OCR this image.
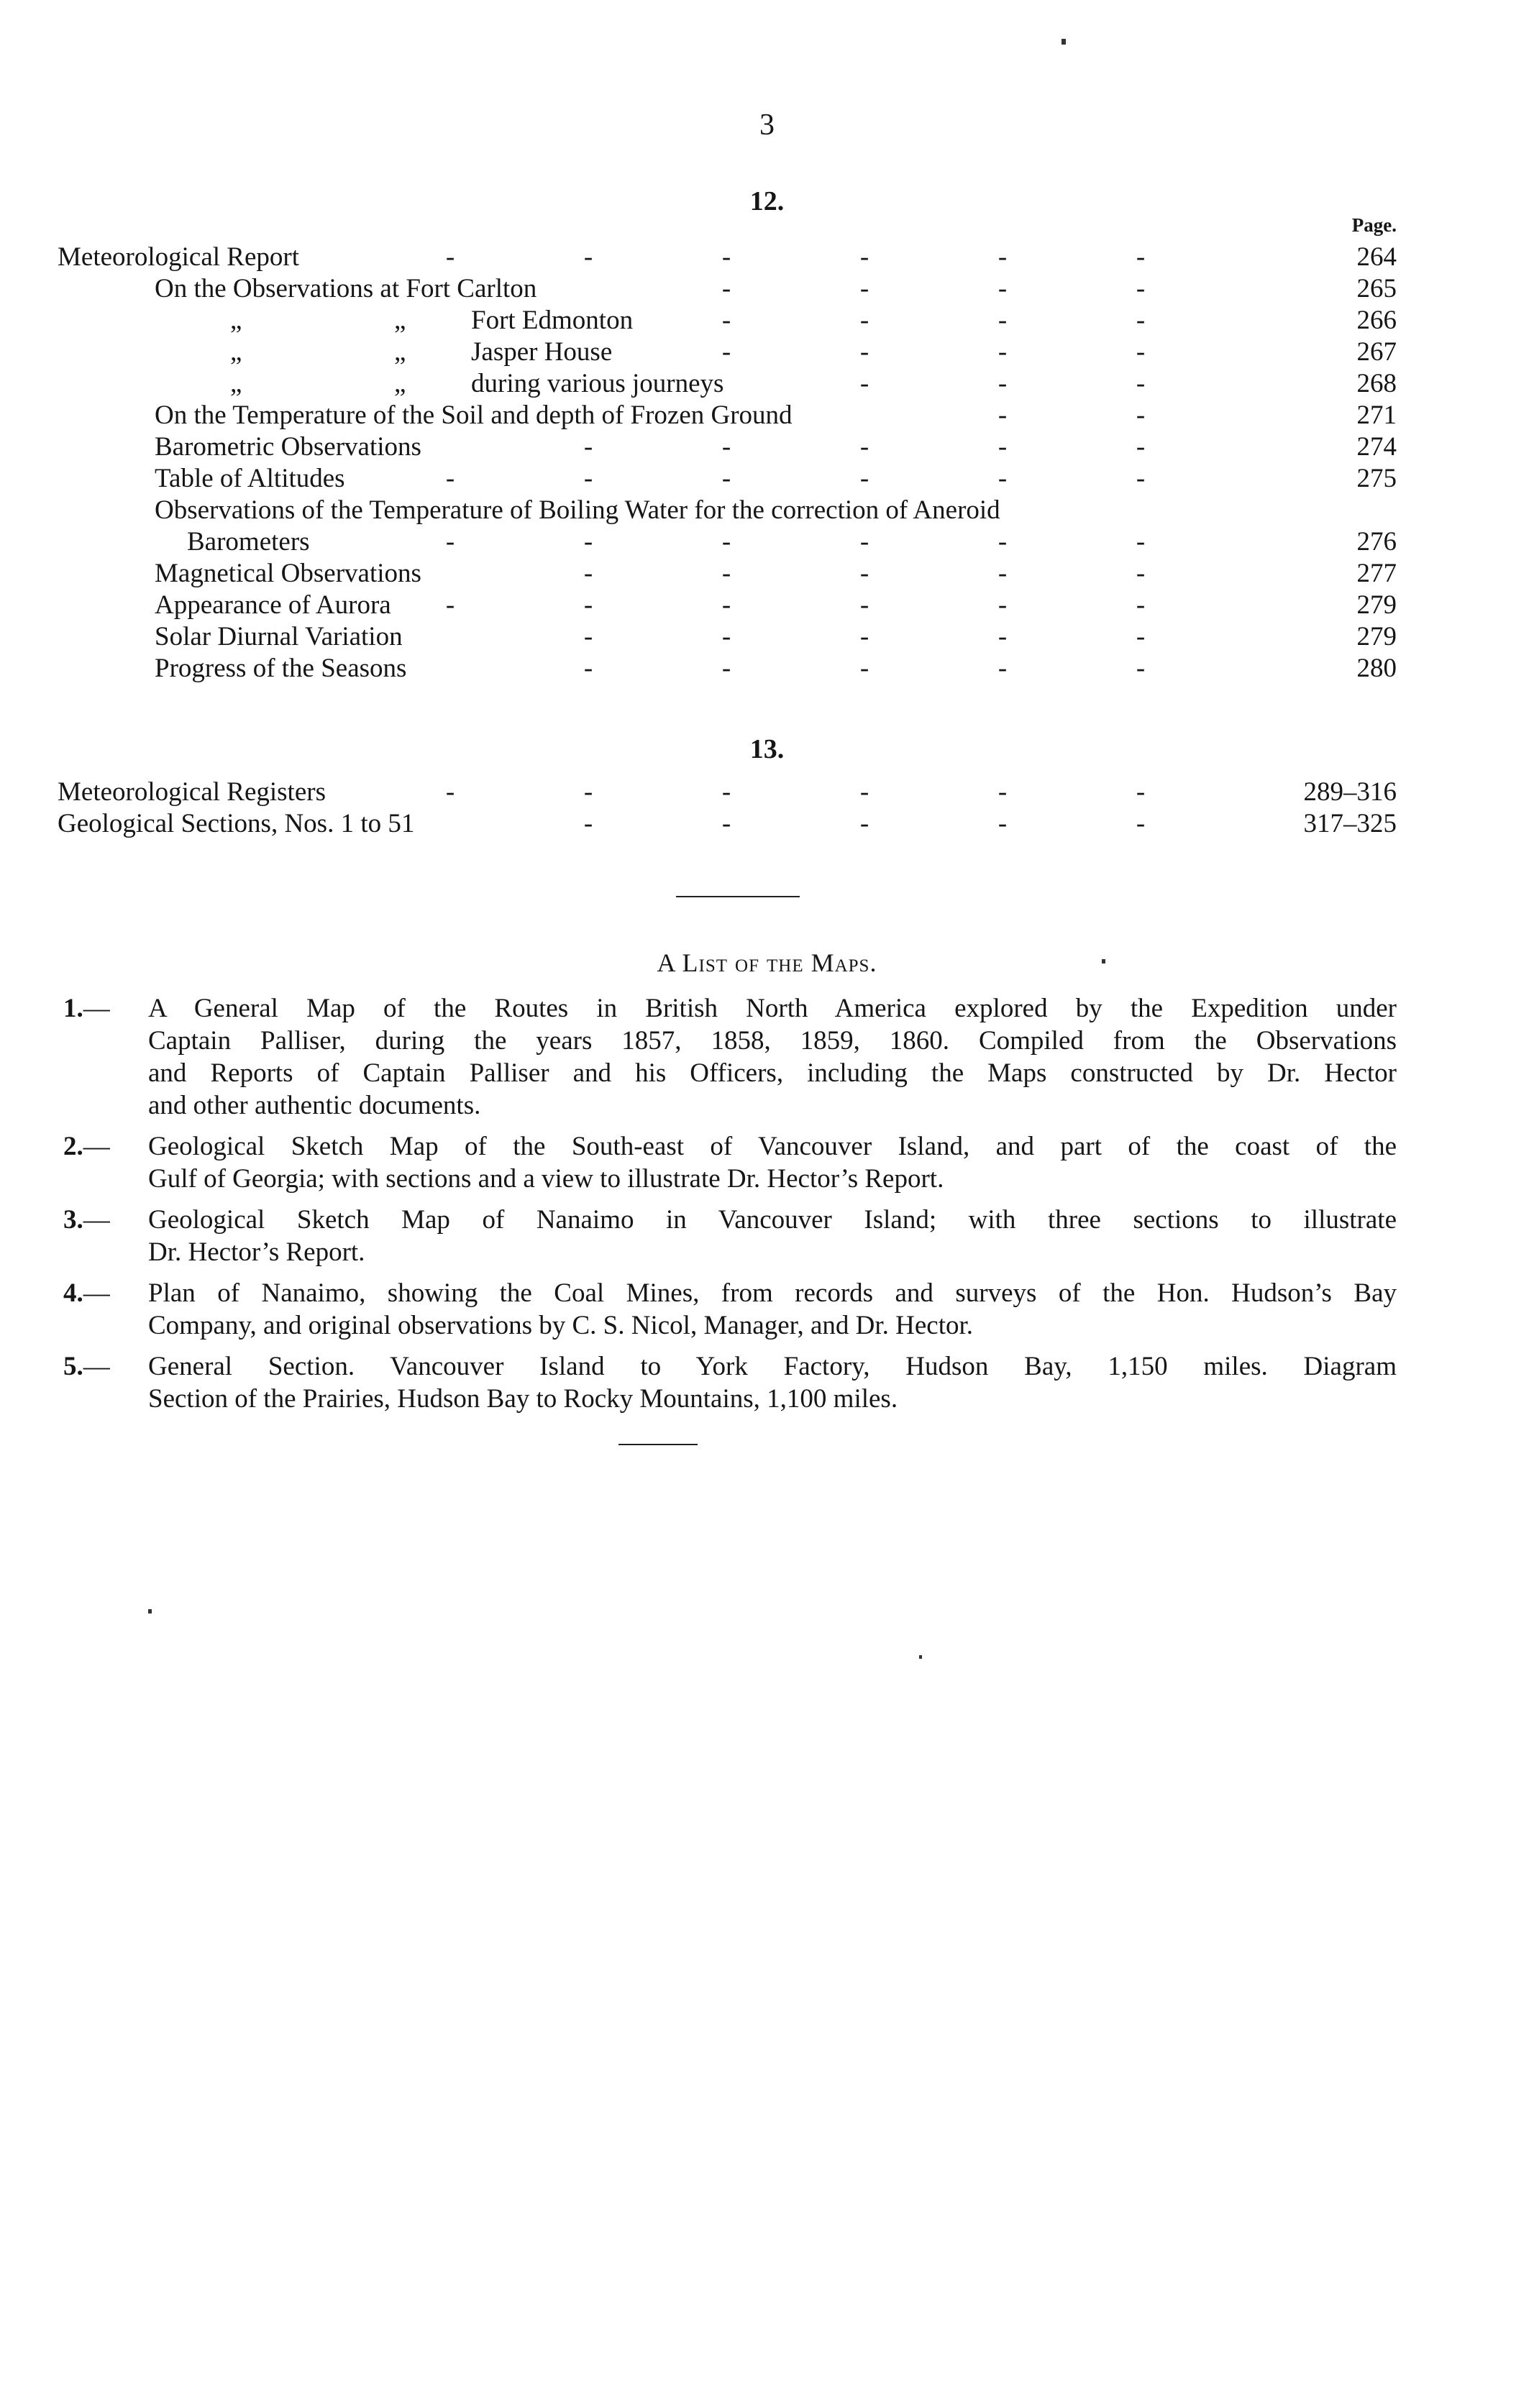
3
12.
Page.
Meteorological Report	-	-	-	-	-	-	264
On the Observations at Fort Carlton	-	-	-	-	265
„	„ Fort Edmonton	-	-	-	-	266
„	„ Jasper House	-	-	-	-	267
„	„ during various journeys	-	-	-	268
On the Temperature of the Soil and depth of Frozen Ground	-	-	271
Barometric Observations	-	-	-	-	-	274
Table of Altitudes	-	-	-	-	-	-	275
Observations of the Temperature of Boiling Water for the correction of Aneroid
Barometers	-	-	-	-	-	-	276
Magnetical Observations	-	-	-	-	-	277
Appearance of Aurora	-	-	-	-	-	-	279
Solar Diurnal Variation	-	-	-	-	-	279
Progress of the Seasons	-	-	-	-	-	280
13.
Meteorological Registers	-	-	-	-	-	-	289–316
Geological Sections, Nos. 1 to 51	-	-	-	-	-	317–325
A List of the Maps.
1.—	A General Map of the Routes in British North America explored by the Expedition under
Captain Palliser, during the years 1857, 1858, 1859, 1860. Compiled from the Observations
and Reports of Captain Palliser and his Officers, including the Maps constructed by Dr. Hector
and other authentic documents.
2.—	Geological Sketch Map of the South-east of Vancouver Island, and part of the coast of the
Gulf of Georgia; with sections and a view to illustrate Dr. Hector’s Report.
3.—	Geological Sketch Map of Nanaimo in Vancouver Island; with three sections to illustrate
Dr. Hector’s Report.
4.—	Plan of Nanaimo, showing the Coal Mines, from records and surveys of the Hon. Hudson’s Bay
Company, and original observations by C. S. Nicol, Manager, and Dr. Hector.
5.—	General Section. Vancouver Island to York Factory, Hudson Bay, 1,150 miles. Diagram
Section of the Prairies, Hudson Bay to Rocky Mountains, 1,100 miles.
